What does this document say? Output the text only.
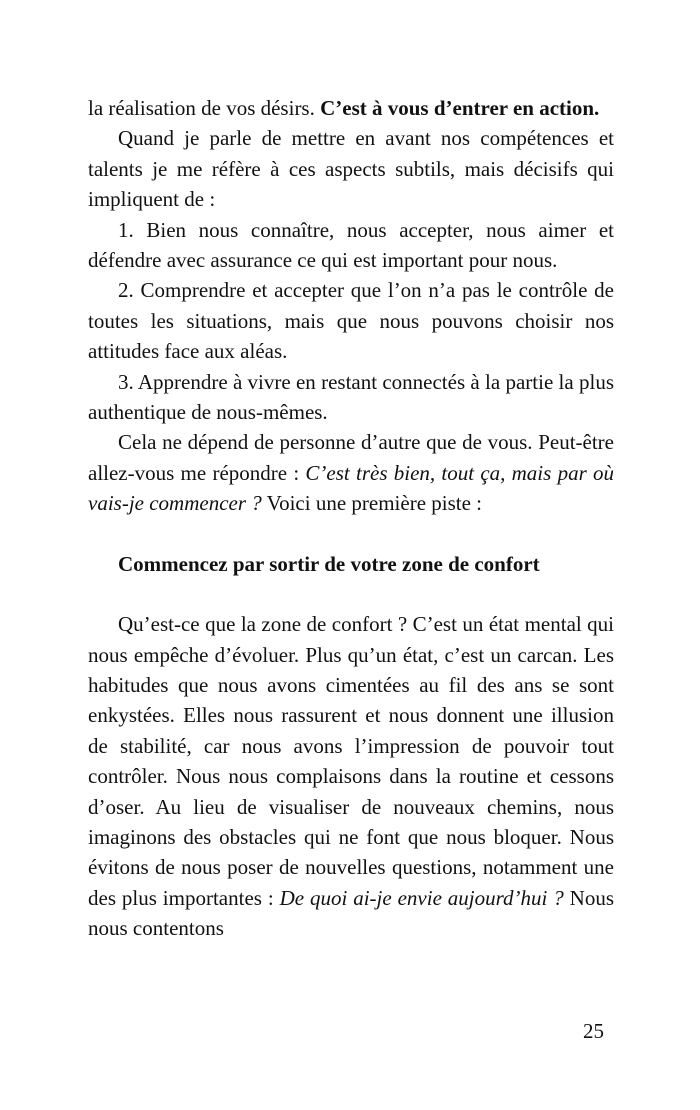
la réalisation de vos désirs. C’est à vous d’entrer en action.

Quand je parle de mettre en avant nos compétences et talents je me réfère à ces aspects subtils, mais décisifs qui impliquent de :

1. Bien nous connaître, nous accepter, nous aimer et défendre avec assurance ce qui est important pour nous.

2. Comprendre et accepter que l’on n’a pas le contrôle de toutes les situations, mais que nous pouvons choisir nos attitudes face aux aléas.

3. Apprendre à vivre en restant connectés à la partie la plus authentique de nous-mêmes.

Cela ne dépend de personne d’autre que de vous. Peut-être allez-vous me répondre : C’est très bien, tout ça, mais par où vais-je commencer ? Voici une première piste :

Commencez par sortir de votre zone de confort

Qu’est-ce que la zone de confort ? C’est un état mental qui nous empêche d’évoluer. Plus qu’un état, c’est un carcan. Les habitudes que nous avons cimentées au fil des ans se sont enkystées. Elles nous rassurent et nous donnent une illusion de stabilité, car nous avons l’impression de pouvoir tout contrôler. Nous nous complaisons dans la routine et cessons d’oser. Au lieu de visualiser de nouveaux chemins, nous imaginons des obstacles qui ne font que nous bloquer. Nous évitons de nous poser de nouvelles questions, notamment une des plus importantes : De quoi ai-je envie aujourd’hui ? Nous nous contentons

25
